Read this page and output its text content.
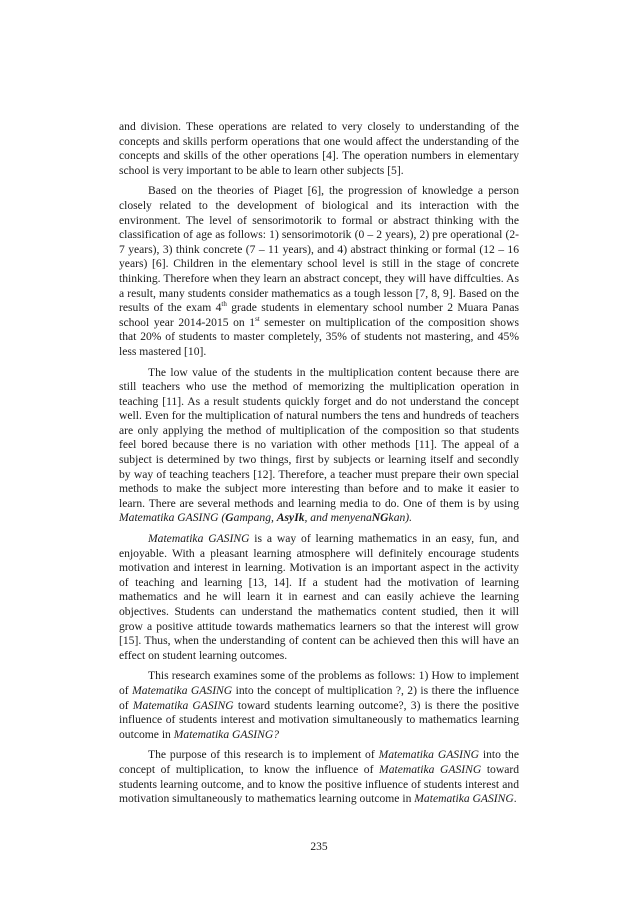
and division. These operations are related to very closely to understanding of the concepts and skills perform operations that one would affect the understanding of the concepts and skills of the other operations [4]. The operation numbers in elementary school is very important to be able to learn other subjects [5].

Based on the theories of Piaget [6], the progression of knowledge a person closely related to the development of biological and its interaction with the environment. The level of sensorimotorik to formal or abstract thinking with the classification of age as follows: 1) sensorimotorik (0 – 2 years), 2) pre operational (2-7 years), 3) think concrete (7 – 11 years), and 4) abstract thinking or formal (12 – 16 years) [6]. Children in the elementary school level is still in the stage of concrete thinking. Therefore when they learn an abstract concept, they will have diffculties. As a result, many students consider mathematics as a tough lesson [7, 8, 9]. Based on the results of the exam 4th grade students in elementary school number 2 Muara Panas school year 2014-2015 on 1st semester on multiplication of the composition shows that 20% of students to master completely, 35% of students not mastering, and 45% less mastered [10].

The low value of the students in the multiplication content because there are still teachers who use the method of memorizing the multiplication operation in teaching [11]. As a result students quickly forget and do not understand the concept well. Even for the multiplication of natural numbers the tens and hundreds of teachers are only applying the method of multiplication of the composition so that students feel bored because there is no variation with other methods [11]. The appeal of a subject is determined by two things, first by subjects or learning itself and secondly by way of teaching teachers [12]. Therefore, a teacher must prepare their own special methods to make the subject more interesting than before and to make it easier to learn. There are several methods and learning media to do. One of them is by using Matematika GASING (Gampang, AsyIk, and menyenaNGkan).

Matematika GASING is a way of learning mathematics in an easy, fun, and enjoyable. With a pleasant learning atmosphere will definitely encourage students motivation and interest in learning. Motivation is an important aspect in the activity of teaching and learning [13, 14]. If a student had the motivation of learning mathematics and he will learn it in earnest and can easily achieve the learning objectives. Students can understand the mathematics content studied, then it will grow a positive attitude towards mathematics learners so that the interest will grow [15]. Thus, when the understanding of content can be achieved then this will have an effect on student learning outcomes.

This research examines some of the problems as follows: 1) How to implement of Matematika GASING into the concept of multiplication ?, 2) is there the influence of Matematika GASING toward students learning outcome?, 3) is there the positive influence of students interest and motivation simultaneously to mathematics learning outcome in Matematika GASING?

The purpose of this research is to implement of Matematika GASING into the concept of multiplication, to know the influence of Matematika GASING toward students learning outcome, and to know the positive influence of students interest and motivation simultaneously to mathematics learning outcome in Matematika GASING.

235
